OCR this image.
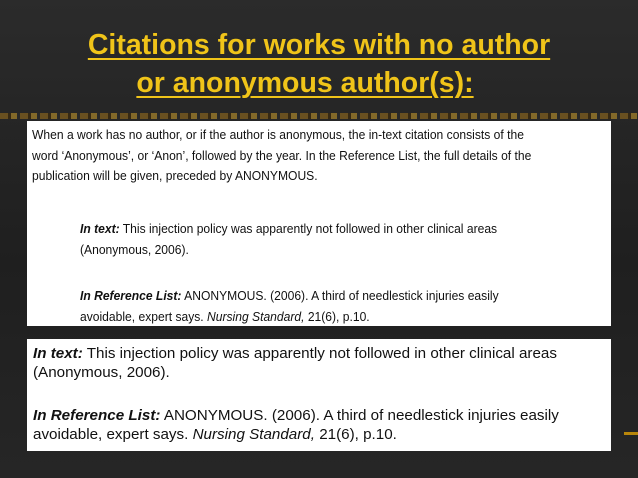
Citations for works with no author
or anonymous author(s):
When a work has no author, or if the author is anonymous, the in-text citation consists of the
word ‘Anonymous’, or ‘Anon’, followed by the year. In the Reference List, the full details of the
publication will be given, preceded by ANONYMOUS.
In text: This injection policy was apparently not followed in other clinical areas
(Anonymous, 2006).
In Reference List: ANONYMOUS. (2006). A third of needlestick injuries easily
avoidable, expert says. Nursing Standard, 21(6), p.10.
In text: This injection policy was apparently not followed in other clinical areas
(Anonymous, 2006).
In Reference List: ANONYMOUS. (2006). A third of needlestick injuries easily
avoidable, expert says. Nursing Standard, 21(6), p.10.
